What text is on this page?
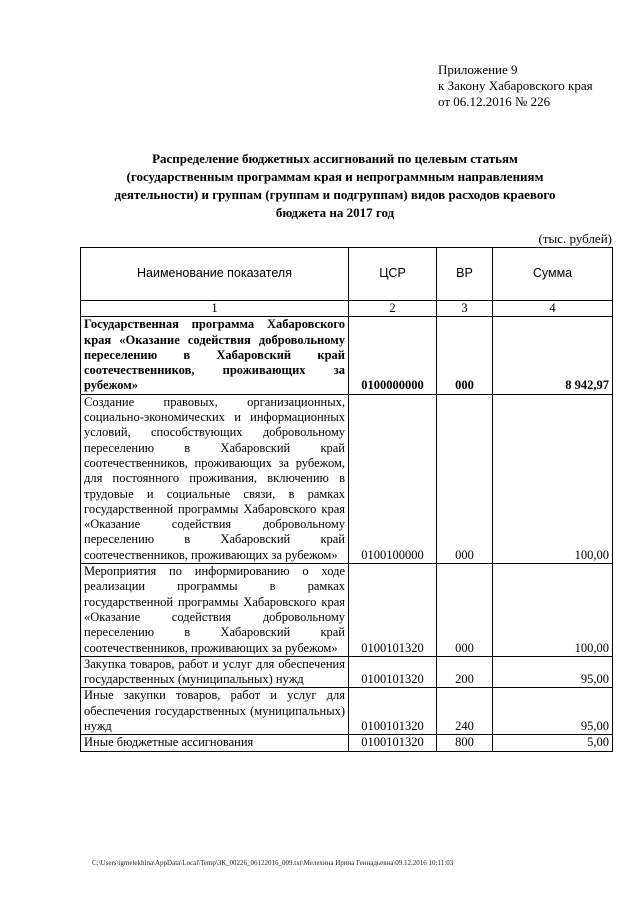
Приложение 9
к Закону Хабаровского края
от 06.12.2016 № 226
Распределение бюджетных ассигнований по целевым статьям (государственным программам края и непрограммным направлениям деятельности) и группам (группам и подгруппам) видов расходов краевого бюджета на 2017 год
(тыс. рублей)
Наименование показателя	ЦСР	ВР	Сумма
1	2	3	4
Государственная программа Хабаровского края «Оказание содействия добровольному переселению в Хабаровский край соотечественников, проживающих за рубежом»	0100000000	000	8 942,97
Создание правовых, организационных, социально-экономических и информационных условий, способствующих добровольному переселению в Хабаровский край соотечественников, проживающих за рубежом, для постоянного проживания, включению в трудовые и социальные связи, в рамках государственной программы Хабаровского края «Оказание содействия добровольному переселению в Хабаровский край соотечественников, проживающих за рубежом»	0100100000	000	100,00
Мероприятия по информированию о ходе реализации программы в рамках государственной программы Хабаровского края «Оказание содействия добровольному переселению в Хабаровский край соотечественников, проживающих за рубежом»	0100101320	000	100,00
Закупка товаров, работ и услуг для обеспечения государственных (муниципальных) нужд	0100101320	200	95,00
Иные закупки товаров, работ и услуг для обеспечения государственных (муниципальных) нужд	0100101320	240	95,00
Иные бюджетные ассигнования	0100101320	800	5,00
C:\Users\igmelekhina\AppData\Local\Temp\ЗК_00226_06122016_009.txt\Мелехина Ирина Геннадьевна\09.12.2016 10:11:03
